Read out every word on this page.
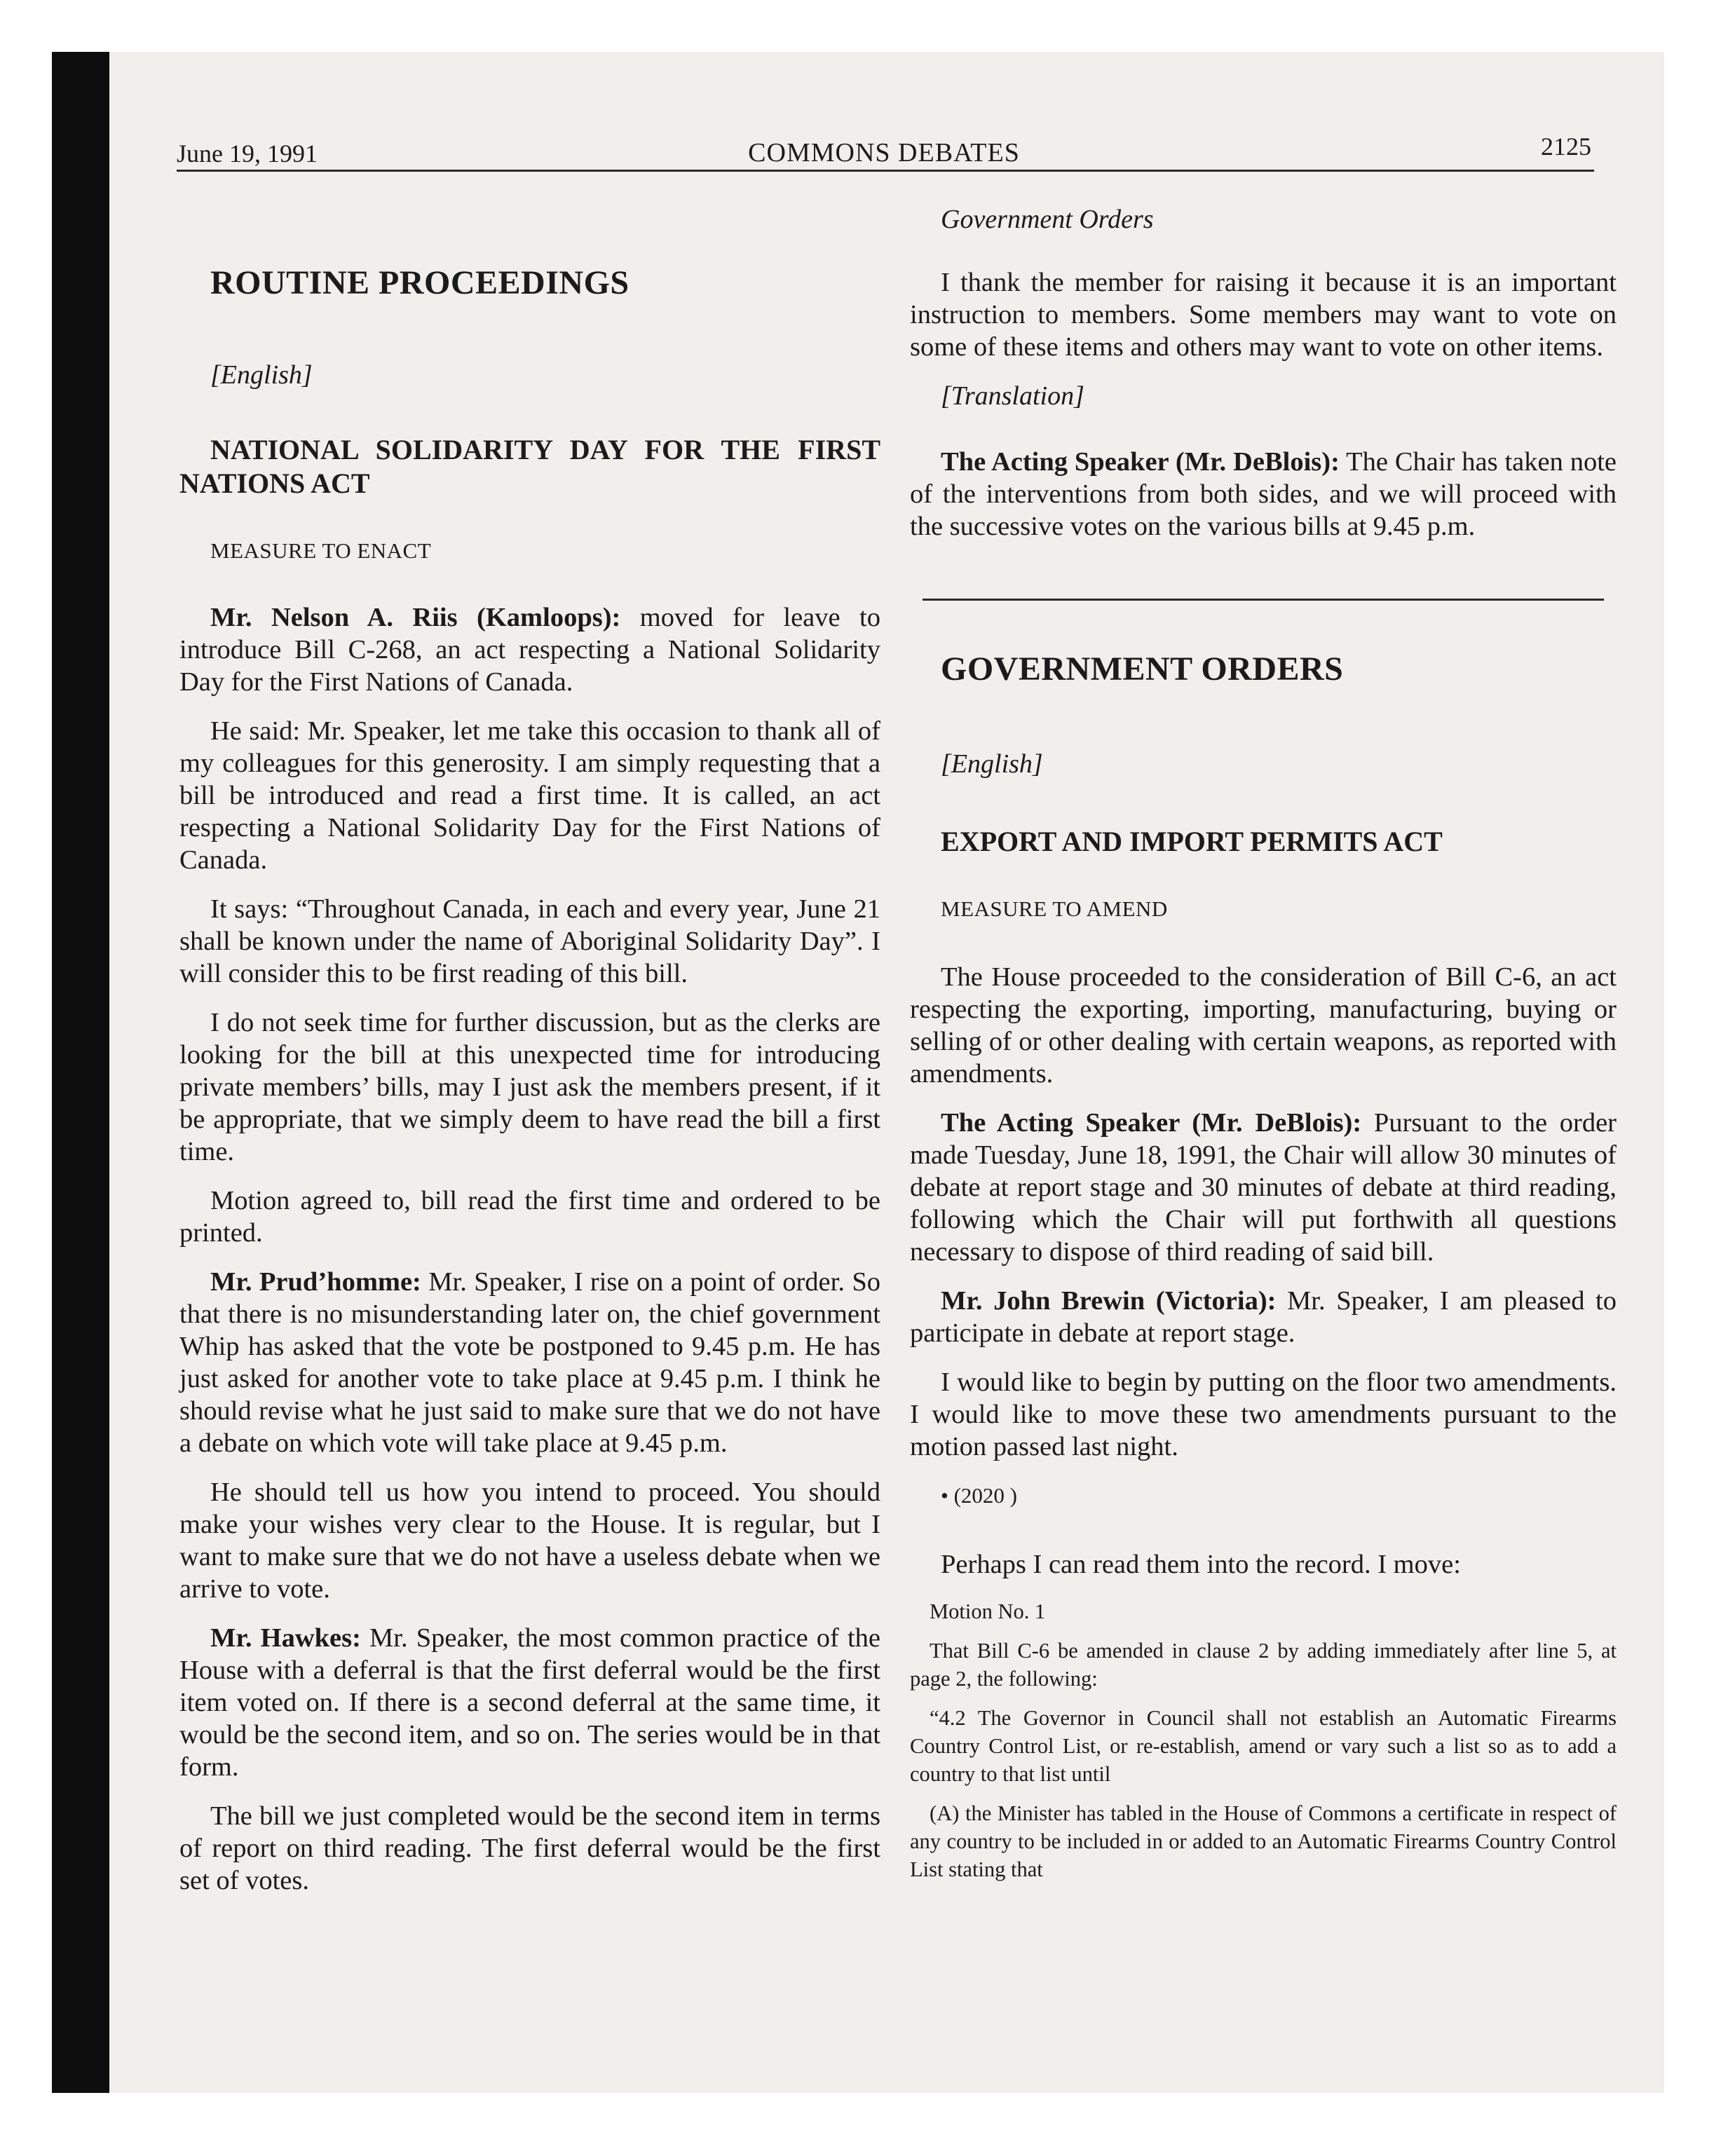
June 19, 1991	COMMONS DEBATES	2125

ROUTINE PROCEEDINGS

[English]

NATIONAL SOLIDARITY DAY FOR THE FIRST NATIONS ACT

MEASURE TO ENACT

Mr. Nelson A. Riis (Kamloops): moved for leave to introduce Bill C-268, an act respecting a National Solidarity Day for the First Nations of Canada.

He said: Mr. Speaker, let me take this occasion to thank all of my colleagues for this generosity. I am simply requesting that a bill be introduced and read a first time. It is called, an act respecting a National Solidarity Day for the First Nations of Canada.

It says: “Throughout Canada, in each and every year, June 21 shall be known under the name of Aboriginal Solidarity Day”. I will consider this to be first reading of this bill.

I do not seek time for further discussion, but as the clerks are looking for the bill at this unexpected time for introducing private members’ bills, may I just ask the members present, if it be appropriate, that we simply deem to have read the bill a first time.

Motion agreed to, bill read the first time and ordered to be printed.

Mr. Prud’homme: Mr. Speaker, I rise on a point of order. So that there is no misunderstanding later on, the chief government Whip has asked that the vote be postponed to 9.45 p.m. He has just asked for another vote to take place at 9.45 p.m. I think he should revise what he just said to make sure that we do not have a debate on which vote will take place at 9.45 p.m.

He should tell us how you intend to proceed. You should make your wishes very clear to the House. It is regular, but I want to make sure that we do not have a useless debate when we arrive to vote.

Mr. Hawkes: Mr. Speaker, the most common practice of the House with a deferral is that the first deferral would be the first item voted on. If there is a second deferral at the same time, it would be the second item, and so on. The series would be in that form.

The bill we just completed would be the second item in terms of report on third reading. The first deferral would be the first set of votes.

Government Orders

I thank the member for raising it because it is an important instruction to members. Some members may want to vote on some of these items and others may want to vote on other items.

[Translation]

The Acting Speaker (Mr. DeBlois): The Chair has taken note of the interventions from both sides, and we will proceed with the successive votes on the various bills at 9.45 p.m.

GOVERNMENT ORDERS

[English]

EXPORT AND IMPORT PERMITS ACT

MEASURE TO AMEND

The House proceeded to the consideration of Bill C-6, an act respecting the exporting, importing, manufacturing, buying or selling of or other dealing with certain weapons, as reported with amendments.

The Acting Speaker (Mr. DeBlois): Pursuant to the order made Tuesday, June 18, 1991, the Chair will allow 30 minutes of debate at report stage and 30 minutes of debate at third reading, following which the Chair will put forthwith all questions necessary to dispose of third reading of said bill.

Mr. John Brewin (Victoria): Mr. Speaker, I am pleased to participate in debate at report stage.

I would like to begin by putting on the floor two amendments. I would like to move these two amendments pursuant to the motion passed last night.

• (2020 )

Perhaps I can read them into the record. I move:

Motion No. 1

That Bill C-6 be amended in clause 2 by adding immediately after line 5, at page 2, the following:

“4.2 The Governor in Council shall not establish an Automatic Firearms Country Control List, or re-establish, amend or vary such a list so as to add a country to that list until

(A) the Minister has tabled in the House of Commons a certificate in respect of any country to be included in or added to an Automatic Firearms Country Control List stating that
